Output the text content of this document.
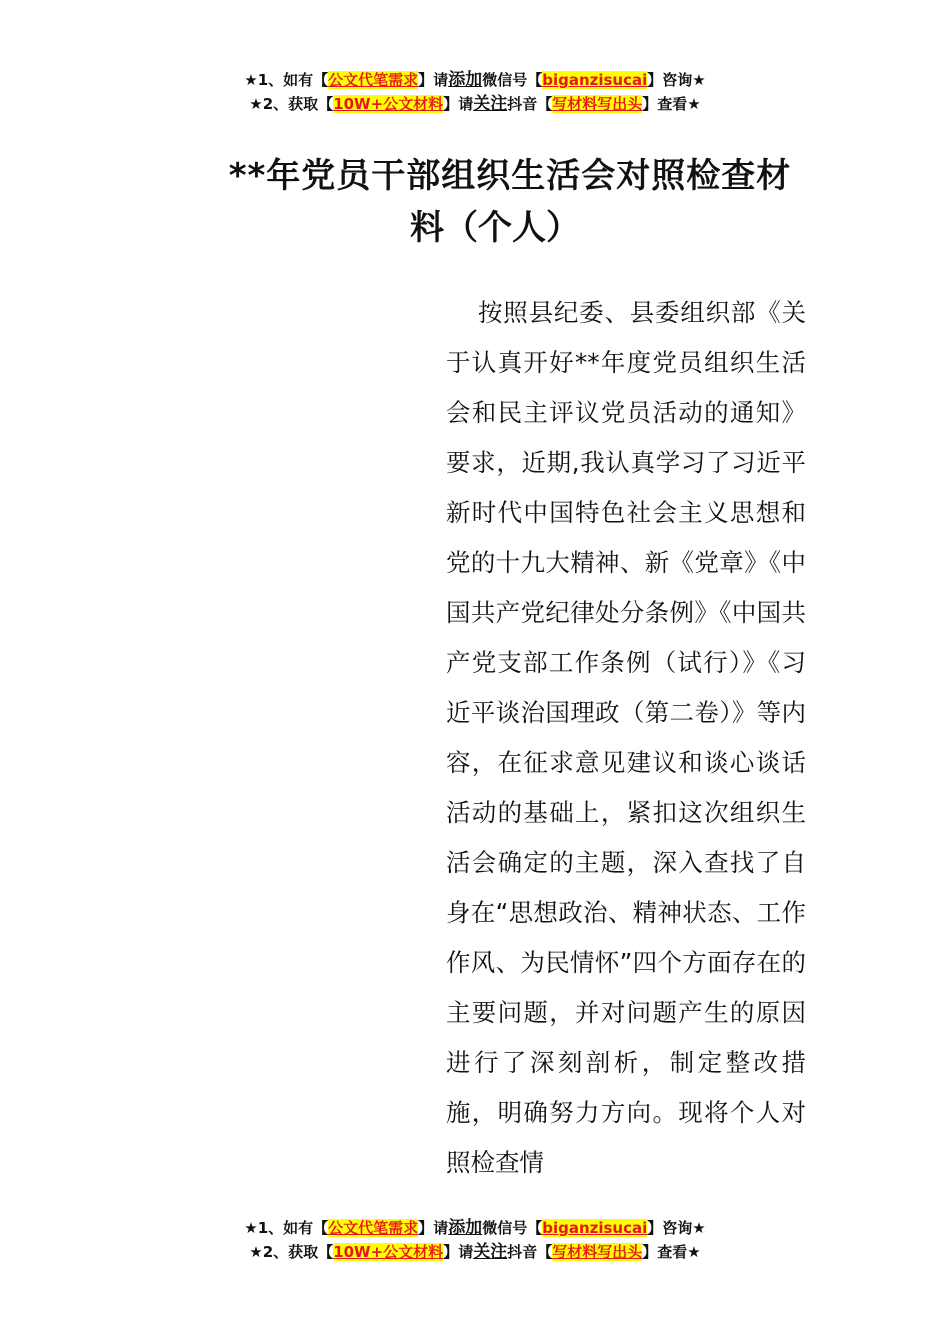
★1、如有【公文代笔需求】请添加微信号【biganzisucai】咨询★
★2、获取【10W+公文材料】请关注抖音【写材料写出头】查看★
**年党员干部组织生活会对照检查材
料（个人）
按照县纪委、县委组织部《关于认真开好**年度党员组织生活会和民主评议党员活动的通知》要求，近期,我认真学习了习近平新时代中国特色社会主义思想和党的十九大精神、新《党章》《中国共产党纪律处分条例》《中国共产党支部工作条例（试行）》《习近平谈治国理政（第二卷）》等内容，在征求意见建议和谈心谈话活动的基础上，紧扣这次组织生活会确定的主题，深入查找了自身在“思想政治、精神状态、工作作风、为民情怀”四个方面存在的主要问题，并对问题产生的原因进行了深刻剖析，制定整改措施，明确努力方向。现将个人对照检查情
★1、如有【公文代笔需求】请添加微信号【biganzisucai】咨询★
★2、获取【10W+公文材料】请关注抖音【写材料写出头】查看★
